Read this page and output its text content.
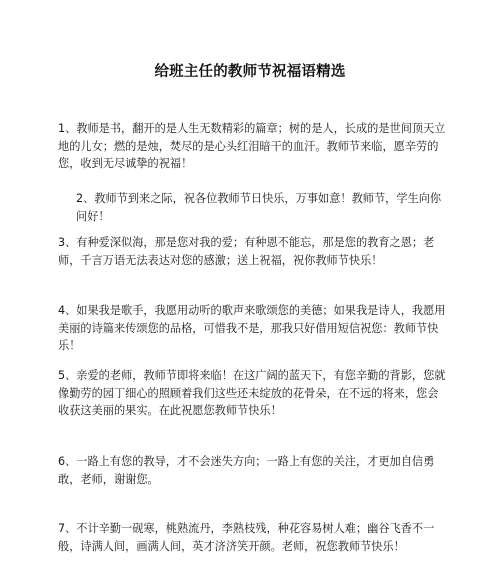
给班主任的教师节祝福语精选
1、教师是书，翻开的是人生无数精彩的篇章；树的是人，长成的是世间顶天立地的儿女；燃的是烛，焚尽的是心头红泪暗干的血汗。教师节来临，愿辛劳的您，收到无尽诚挚的祝福！
2、教师节到来之际，祝各位教师节日快乐，万事如意！教师节，学生向你问好！
3、有种爱深似海，那是您对我的爱；有种恩不能忘，那是您的教育之恩；老师，千言万语无法表达对您的感激；送上祝福，祝你教师节快乐！
4、如果我是歌手，我愿用动听的歌声来歌颂您的美德；如果我是诗人，我愿用美丽的诗篇来传颂您的品格，可惜我不是，那我只好借用短信祝您：教师节快乐！
5、亲爱的老师，教师节即将来临！在这广阔的蓝天下，有您辛勤的背影，您就像勤劳的园丁细心的照顾着我们这些还未绽放的花骨朵，在不远的将来，您会收获这美丽的果实。在此祝愿您教师节快乐！
6、一路上有您的教导，才不会迷失方向；一路上有您的关注，才更加自信勇敢，老师，谢谢您。
7、不计辛勤一砚寒，桃熟流丹，李熟枝残，种花容易树人难；幽谷飞香不一般，诗满人间，画满人间，英才济济笑开颜。老师，祝您教师节快乐！
